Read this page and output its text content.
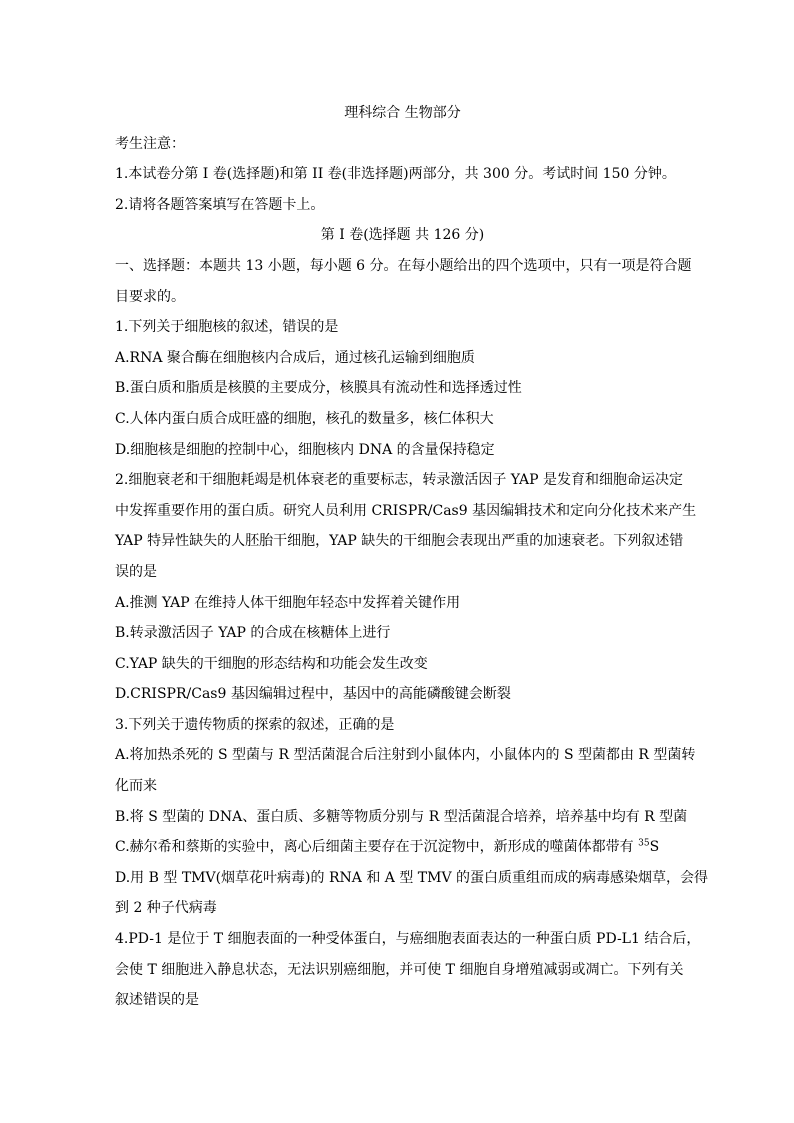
理科综合 生物部分
考生注意：
1.本试卷分第 I 卷(选择题)和第 II 卷(非选择题)两部分，共 300 分。考试时间 150 分钟。
2.请将各题答案填写在答题卡上。
第 I 卷(选择题 共 126 分)
一、选择题：本题共 13 小题，每小题 6 分。在每小题给出的四个选项中，只有一项是符合题
目要求的。
1.下列关于细胞核的叙述，错误的是
A.RNA 聚合酶在细胞核内合成后，通过核孔运输到细胞质
B.蛋白质和脂质是核膜的主要成分，核膜具有流动性和选择透过性
C.人体内蛋白质合成旺盛的细胞，核孔的数量多，核仁体积大
D.细胞核是细胞的控制中心，细胞核内 DNA 的含量保持稳定
2.细胞衰老和干细胞耗竭是机体衰老的重要标志，转录激活因子 YAP 是发育和细胞命运决定
中发挥重要作用的蛋白质。研究人员利用 CRISPR/Cas9 基因编辑技术和定向分化技术来产生
YAP 特异性缺失的人胚胎干细胞，YAP 缺失的干细胞会表现出严重的加速衰老。下列叙述错
误的是
A.推测 YAP 在维持人体干细胞年轻态中发挥着关键作用
B.转录激活因子 YAP 的合成在核糖体上进行
C.YAP 缺失的干细胞的形态结构和功能会发生改变
D.CRISPR/Cas9 基因编辑过程中，基因中的高能磷酸键会断裂
3.下列关于遗传物质的探索的叙述，正确的是
A.将加热杀死的 S 型菌与 R 型活菌混合后注射到小鼠体内，小鼠体内的 S 型菌都由 R 型菌转
化而来
B.将 S 型菌的 DNA、蛋白质、多糖等物质分别与 R 型活菌混合培养，培养基中均有 R 型菌
C.赫尔希和蔡斯的实验中，离心后细菌主要存在于沉淀物中，新形成的噬菌体都带有 $^{35}$S
D.用 B 型 TMV(烟草花叶病毒)的 RNA 和 A 型 TMV 的蛋白质重组而成的病毒感染烟草，会得
到 2 种子代病毒
4.PD-1 是位于 T 细胞表面的一种受体蛋白，与癌细胞表面表达的一种蛋白质 PD-L1 结合后，
会使 T 细胞进入静息状态，无法识别癌细胞，并可使 T 细胞自身增殖减弱或凋亡。下列有关
叙述错误的是
